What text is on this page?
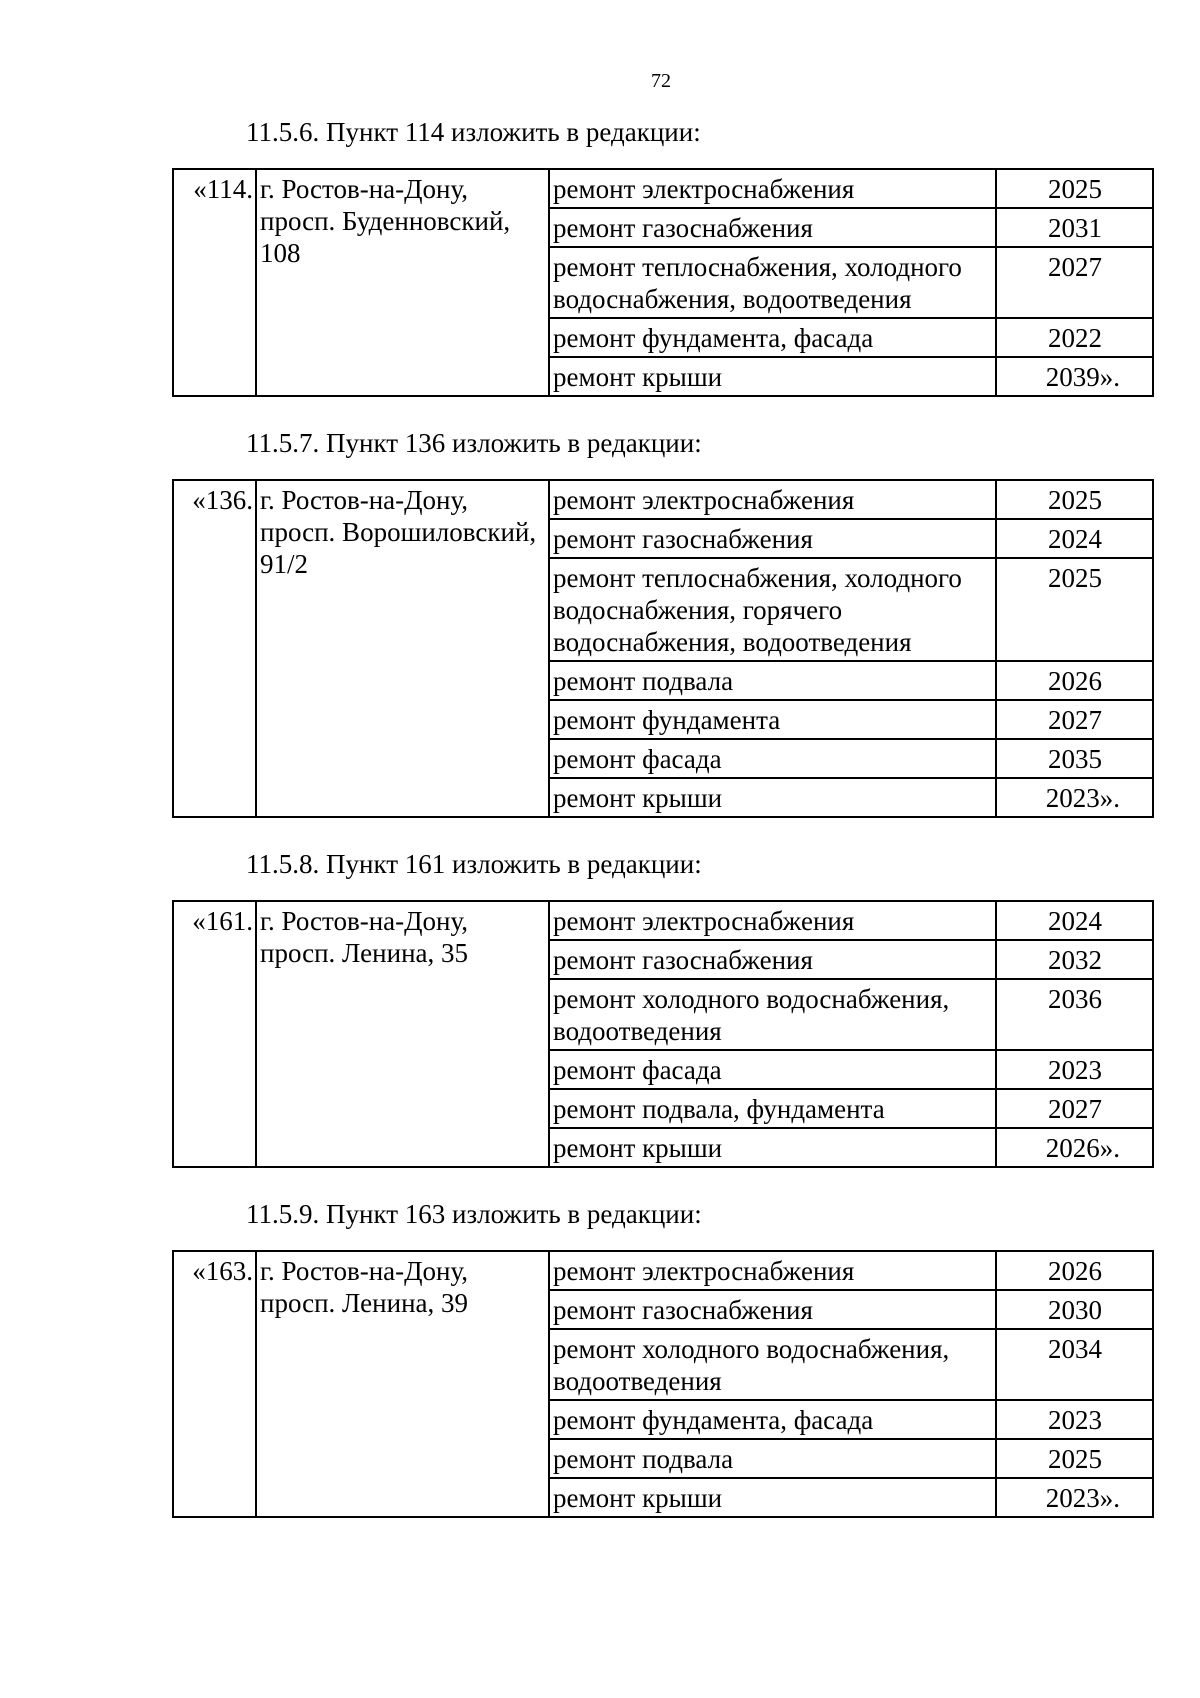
72

11.5.6. Пункт 114 изложить в редакции:

«114.	г. Ростов-на-Дону,
просп. Буденновский,
108	ремонт электроснабжения	2025
		ремонт газоснабжения	2031
		ремонт теплоснабжения, холодного
водоснабжения, водоотведения	2027
		ремонт фундамента, фасада	2022
		ремонт крыши	2039».

11.5.7. Пункт 136 изложить в редакции:

«136.	г. Ростов-на-Дону,
просп. Ворошиловский,
91/2	ремонт электроснабжения	2025
		ремонт газоснабжения	2024
		ремонт теплоснабжения, холодного
водоснабжения, горячего
водоснабжения, водоотведения	2025
		ремонт подвала	2026
		ремонт фундамента	2027
		ремонт фасада	2035
		ремонт крыши	2023».

11.5.8. Пункт 161 изложить в редакции:

«161.	г. Ростов-на-Дону,
просп. Ленина, 35	ремонт электроснабжения	2024
		ремонт газоснабжения	2032
		ремонт холодного водоснабжения,
водоотведения	2036
		ремонт фасада	2023
		ремонт подвала, фундамента	2027
		ремонт крыши	2026».

11.5.9. Пункт 163 изложить в редакции:

«163.	г. Ростов-на-Дону,
просп. Ленина, 39	ремонт электроснабжения	2026
		ремонт газоснабжения	2030
		ремонт холодного водоснабжения,
водоотведения	2034
		ремонт фундамента, фасада	2023
		ремонт подвала	2025
		ремонт крыши	2023».
